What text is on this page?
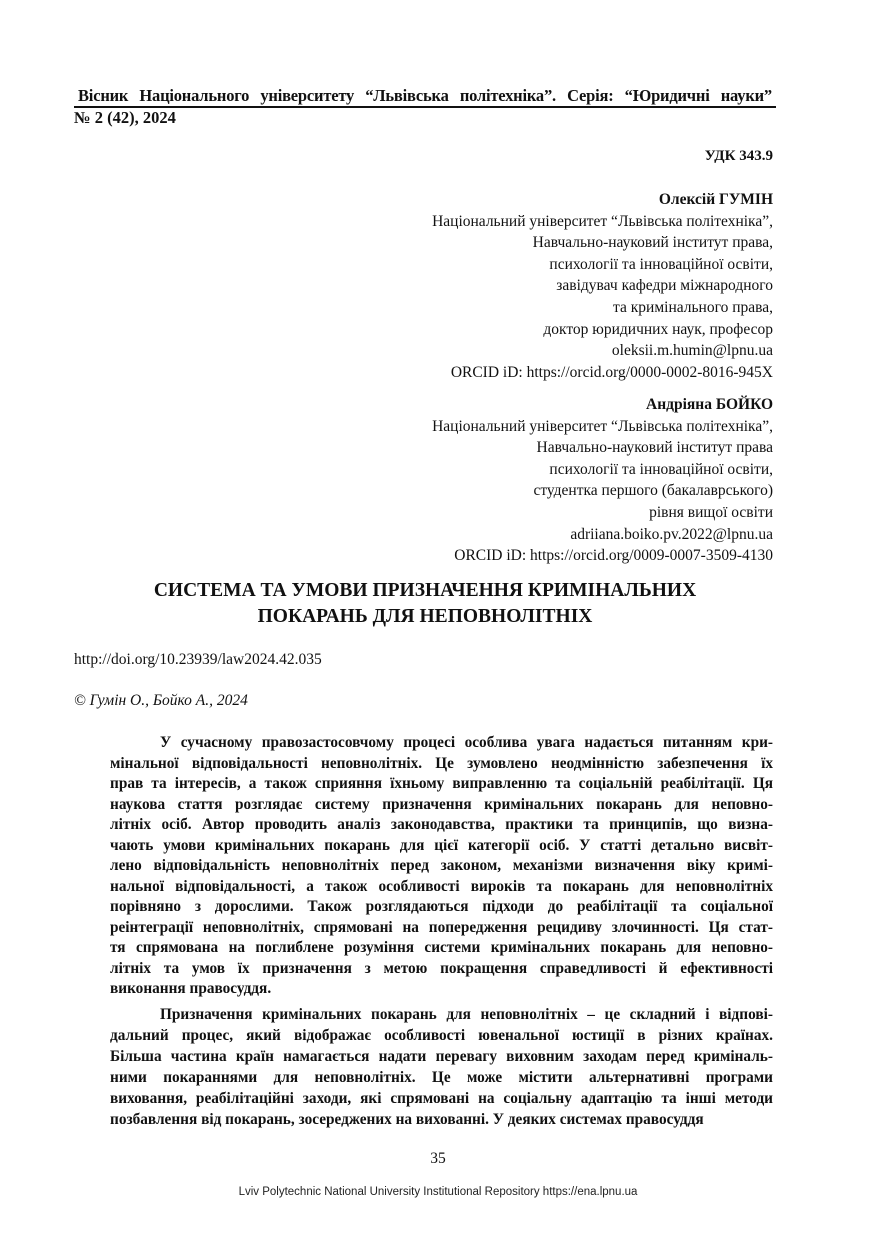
Вісник Національного університету “Львівська політехніка”. Серія: “Юридичні науки”
№ 2 (42), 2024
УДК 343.9
Олексій ГУМІН
Національний університет “Львівська політехніка”,
Навчально-науковий інститут права,
психології та інноваційної освіти,
завідувач кафедри міжнародного
та кримінального права,
доктор юридичних наук, професор
oleksii.m.humin@lpnu.ua
ORCID iD: https://orcid.org/0000-0002-8016-945X
Андріяна БОЙКО
Національний університет “Львівська політехніка”,
Навчально-науковий інститут права
психології та інноваційної освіти,
студентка першого (бакалаврського)
рівня вищої освіти
adriiana.boiko.pv.2022@lpnu.ua
ORCID iD: https://orcid.org/0009-0007-3509-4130
СИСТЕМА ТА УМОВИ ПРИЗНАЧЕННЯ КРИМІНАЛЬНИХ
ПОКАРАНЬ ДЛЯ НЕПОВНОЛІТНІХ
http://doi.org/10.23939/law2024.42.035
© Гумін О., Бойко А., 2024
У сучасному правозастосовчому процесі особлива увага надається питанням кри-
мінальної відповідальності неповнолітніх. Це зумовлено неодмінністю забезпечення їх
прав та інтересів, а також сприяння їхньому виправленню та соціальній реабілітації. Ця
наукова стаття розглядає систему призначення кримінальних покарань для неповно-
літніх осіб. Автор проводить аналіз законодавства, практики та принципів, що визна-
чають умови кримінальних покарань для цієї категорії осіб. У статті детально висвіт-
лено відповідальність неповнолітніх перед законом, механізми визначення віку кримі-
нальної відповідальності, а також особливості вироків та покарань для неповнолітніх
порівняно з дорослими. Також розглядаються підходи до реабілітації та соціальної
реінтеграції неповнолітніх, спрямовані на попередження рецидиву злочинності. Ця стат-
тя спрямована на поглиблене розуміння системи кримінальних покарань для неповно-
літніх та умов їх призначення з метою покращення справедливості й ефективності
виконання правосуддя.
Призначення кримінальних покарань для неповнолітніх – це складний і відпові-
дальний процес, який відображає особливості ювенальної юстиції в різних країнах.
Більша частина країн намагається надати перевагу виховним заходам перед криміналь-
ними покараннями для неповнолітніх. Це може містити альтернативні програми
виховання, реабілітаційні заходи, які спрямовані на соціальну адаптацію та інші методи
позбавлення від покарань, зосереджених на вихованні. У деяких системах правосуддя
35
Lviv Polytechnic National University Institutional Repository https://ena.lpnu.ua
